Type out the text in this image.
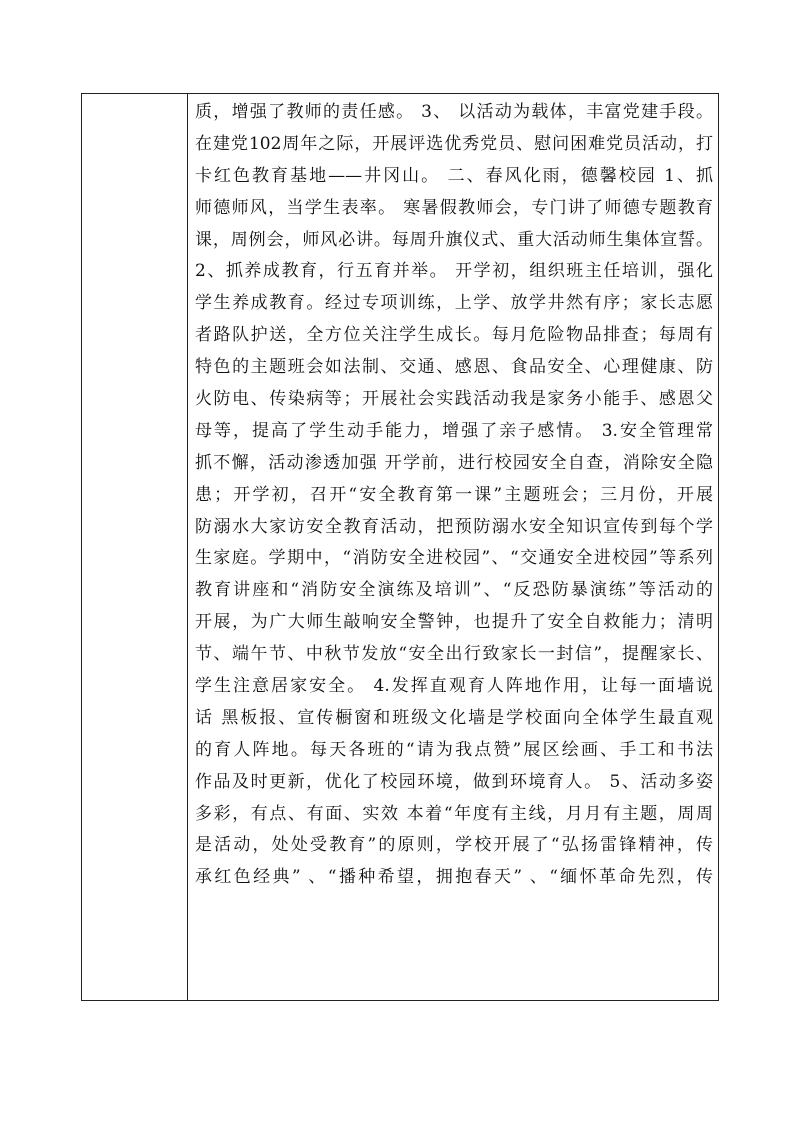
质，增强了教师的责任感。 3、 以活动为载体，丰富党建手段。
在建党102周年之际，开展评选优秀党员、慰问困难党员活动，打
卡红色教育基地——井冈山。 二、春风化雨，德馨校园 1、抓
师德师风，当学生表率。 寒暑假教师会，专门讲了师德专题教育
课，周例会，师风必讲。每周升旗仪式、重大活动师生集体宣誓。
2、抓养成教育，行五育并举。 开学初，组织班主任培训，强化
学生养成教育。经过专项训练，上学、放学井然有序；家长志愿
者路队护送，全方位关注学生成长。每月危险物品排查；每周有
特色的主题班会如法制、交通、感恩、食品安全、心理健康、防
火防电、传染病等；开展社会实践活动我是家务小能手、感恩父
母等，提高了学生动手能力，增强了亲子感情。 3.安全管理常
抓不懈，活动渗透加强 开学前，进行校园安全自查，消除安全隐
患；开学初，召开“安全教育第一课”主题班会；三月份，开展
防溺水大家访安全教育活动，把预防溺水安全知识宣传到每个学
生家庭。学期中，“消防安全进校园”、“交通安全进校园”等系列
教育讲座和“消防安全演练及培训”、“反恐防暴演练”等活动的
开展，为广大师生敲响安全警钟，也提升了安全自救能力；清明
节、端午节、中秋节发放“安全出行致家长一封信”，提醒家长、
学生注意居家安全。 4.发挥直观育人阵地作用，让每一面墙说
话 黑板报、宣传橱窗和班级文化墙是学校面向全体学生最直观
的育人阵地。每天各班的“请为我点赞”展区绘画、手工和书法
作品及时更新，优化了校园环境，做到环境育人。 5、活动多姿
多彩，有点、有面、实效 本着“年度有主线，月月有主题，周周
是活动，处处受教育”的原则，学校开展了“弘扬雷锋精神，传
承红色经典” 、“播种希望，拥抱春天” 、“缅怀革命先烈，传
